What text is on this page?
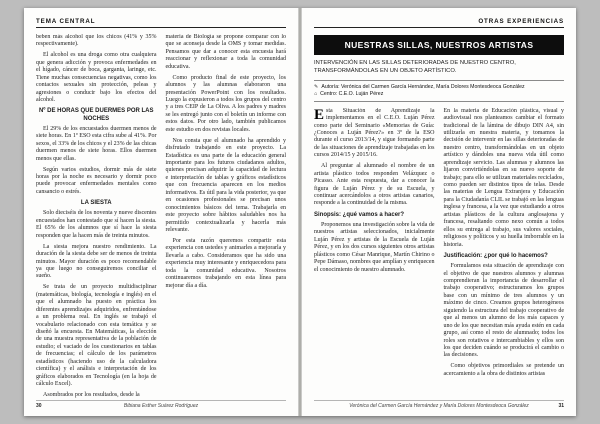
TEMA CENTRAL

beben más alcohol que los chicos (41% y 35% respectivamente).

El alcohol es una droga como otra cualquiera que genera adicción y provoca enfermedades en el hígado, cáncer de boca, garganta, laringe, etc. Tiene muchas consecuencias negativas, como los contactos sexuales sin protección, peleas y agresiones o conducir bajo los efectos del alcohol.

Nº DE HORAS QUE DUERMES POR LAS NOCHES

El 29% de los encuestados duermen menos de siete horas. En 1º ESO esta cifra sube al 41%. Por sexos, el 33% de los chicos y el 23% de las chicas duermen menos de siete horas. Ellos duermen menos que ellas.

Según varios estudios, dormir más de siete horas por la noche es necesario y dormir poco puede provocar enfermedades mentales como cansancio o estrés.

LA SIESTA

Solo dieciséis de los noventa y nueve discentes encuestados han contestado que sí hacen la siesta. El 65% de los alumnos que sí hace la siesta responden que la hacen más de treinta minutos.

La siesta mejora nuestro rendimiento. La duración de la siesta debe ser de menos de treinta minutos. Mayor duración es poco recomendable ya que luego no conseguiremos conciliar el sueño.

Se trata de un proyecto multidisciplinar (matemáticas, biología, tecnología e inglés) en el que el alumnado ha puesto en práctica los diferentes aprendizajes adquiridos, enfrentándose a un problema real. En inglés se trabajó el vocabulario relacionado con esta temática y se diseñó la encuesta. En Matemáticas, la elección de una muestra representativa de la población de estudio; el vaciado de los cuestionarios en tablas de frecuencias; el cálculo de los parámetros estadísticos (haciendo uso de la calculadora científica) y el análisis e interpretación de los gráficos elaborados en Tecnología (en la hoja de cálculo Excel).

Asombrados por los resultados, desde la

materia de Biología se propone comparar con lo que se aconseja desde la OMS y tomar medidas. Pensamos que dar a conocer esta encuesta hará reaccionar y reflexionar a toda la comunidad educativa.

Como producto final de este proyecto, los alumnos y las alumnas elaboraron una presentación PowerPoint con los resultados. Luego la expusieron a todos los grupos del centro y a tres CEIP de La Oliva. A los padres y madres se les entregó junto con el boletín un informe con estos datos. Por otro lado, también publicamos este estudio en dos revistas locales.

Nos consta que el alumnado ha aprendido y disfrutado trabajando en este proyecto. La Estadística es una parte de la educación general importante para los futuros ciudadanos adultos, quienes precisan adquirir la capacidad de lectura e interpretación de tablas y gráficos estadísticos que con frecuencia aparecen en los medios informativos. Es útil para la vida posterior, ya que en ocasiones profesionales se precisan unos conocimientos básicos del tema. Trabajarla en este proyecto sobre hábitos saludables nos ha permitido contextualizarla y hacerla más relevante.

Por esta razón queremos compartir esta experiencia con ustedes y animarles a mejorarla y llevarla a cabo. Consideramos que ha sido una experiencia muy interesante y enriquecedora para toda la comunidad educativa. Nosotros continuaremos trabajando en esta línea para mejorar día a día.

30	Bibiana Esther Suárez Rodríguez
OTRAS EXPERIENCIAS
NUESTRAS SILLAS, NUESTROS ARTISTAS
INTERVENCIÓN EN LAS SILLAS DETERIORADAS DE NUESTRO CENTRO, TRANSFORMÁNDOLAS EN UN OBJETO ARTÍSTICO.
✎ Autoría: Verónica del Carmen García Hernández, María Dolores Montesdeoca González
⌂ Centro: C.E.O. Luján Pérez

Esta Situación de Aprendizaje la implementamos en el C.E.O. Luján Pérez como parte del Seminario «Memorias de Guía: ¿Conoces a Luján Pérez?» en 3º de la ESO durante el curso 2013/14, y sigue formando parte de las situaciones de aprendizaje trabajadas en los cursos 2014/15 y 2015/16.

Al preguntar al alumnado el nombre de un artista plástico todos responden Velázquez o Picasso. Ante esta respuesta, dar a conocer la figura de Luján Pérez y de su Escuela, y continuar acercándolos a otros artistas canarios, responde a la continuidad de la misma.

Sinopsis: ¿qué vamos a hacer?

Proponemos una investigación sobre la vida de nuestros artistas seleccionados, inicialmente Luján Pérez y artistas de la Escuela de Luján Pérez, y en los dos cursos siguientes otros artistas plásticos como César Manrique, Martín Chirino o Pepe Dámaso, nombres que amplían y enriquecen el conocimiento de nuestro alumnado.

En la materia de Educación plástica, visual y audiovisual nos planteamos cambiar el formato tradicional de la lámina de dibujo DIN A4, sin utilizarla en nuestra materia, y tomamos la decisión de intervenir en las sillas deterioradas de nuestro centro, transformándolas en un objeto artístico y dándoles una nueva vida útil como aprendizaje servicio. Las alumnas y alumnos las lijaron convirtiéndolas en su nuevo soporte de trabajo; para ello se utilizan materiales reciclados, como pueden ser distintos tipos de telas. Desde las materias de Lengua Extranjera y Educación para la Ciudadanía CLIL se trabajó en las lenguas inglesa y francesa, a la vez que estudiando a otros artistas plásticos de la cultura anglosajona y francesa, resaltando como nexo común a todos ellos su entrega al trabajo, sus valores sociales, religiosos y políticos y su huella imborrable en la historia.

Justificación: ¿por qué lo hacemos?

Formulamos esta situación de aprendizaje con el objetivo de que nuestros alumnos y alumnas comprendieran la importancia de desarrollar el trabajo cooperativo; estructuramos los grupos base con un mínimo de tres alumnos y un máximo de cinco. Creamos grupos heterogéneos siguiendo la estructura del trabajo cooperativo de que al menos un alumno de los más capaces y uno de los que necesitan más ayuda estén en cada grupo, así como el resto de alumnado; todos los roles son rotativos e intercambiables y ellos son los que deciden cuándo se producirá el cambio o las decisiones.

Como objetivos primordiales se pretende un acercamiento a la obra de distintos artistas

Verónica del Carmen García Hernández y María Dolores Montesdeoca González	31
